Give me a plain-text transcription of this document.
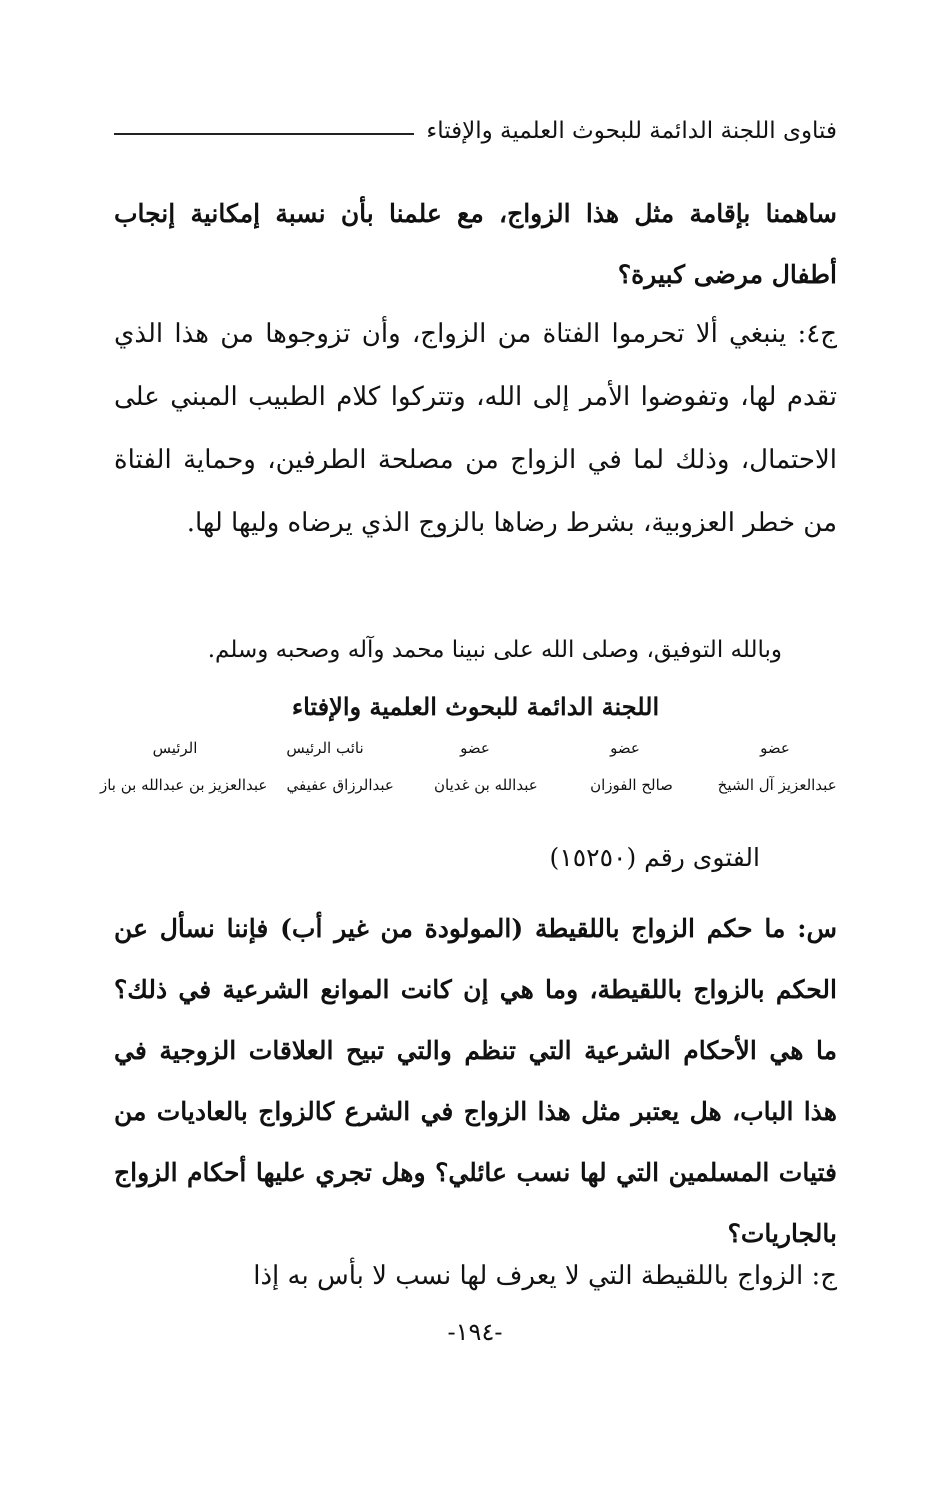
فتاوى اللجنة الدائمة للبحوث العلمية والإفتاء
ساهمنا بإقامة مثل هذا الزواج، مع علمنا بأن نسبة إمكانية إنجاب أطفال مرضى كبيرة؟
ج٤: ينبغي ألا تحرموا الفتاة من الزواج، وأن تزوجوها من هذا الذي تقدم لها، وتفوضوا الأمر إلى الله، وتتركوا كلام الطبيب المبني على الاحتمال، وذلك لما في الزواج من مصلحة الطرفين، وحماية الفتاة من خطر العزوبية، بشرط رضاها بالزوج الذي يرضاه وليها لها.
وبالله التوفيق، وصلى الله على نبينا محمد وآله وصحبه وسلم.
اللجنة الدائمة للبحوث العلمية والإفتاء
عضو
عضو
عضو
نائب الرئيس
الرئيس
عبدالعزيز آل الشيخ
صالح الفوزان
عبدالله بن غديان
عبدالرزاق عفيفي
عبدالعزيز بن عبدالله بن باز
الفتوى رقم (١٥٢٥٠)
س: ما حكم الزواج باللقيطة (المولودة من غير أب) فإننا نسأل عن الحكم بالزواج باللقيطة، وما هي إن كانت الموانع الشرعية في ذلك؟ ما هي الأحكام الشرعية التي تنظم والتي تبيح العلاقات الزوجية في هذا الباب، هل يعتبر مثل هذا الزواج في الشرع كالزواج بالعاديات من فتيات المسلمين التي لها نسب عائلي؟ وهل تجري عليها أحكام الزواج بالجاريات؟
ج: الزواج باللقيطة التي لا يعرف لها نسب لا بأس به إذا
-١٩٤-
